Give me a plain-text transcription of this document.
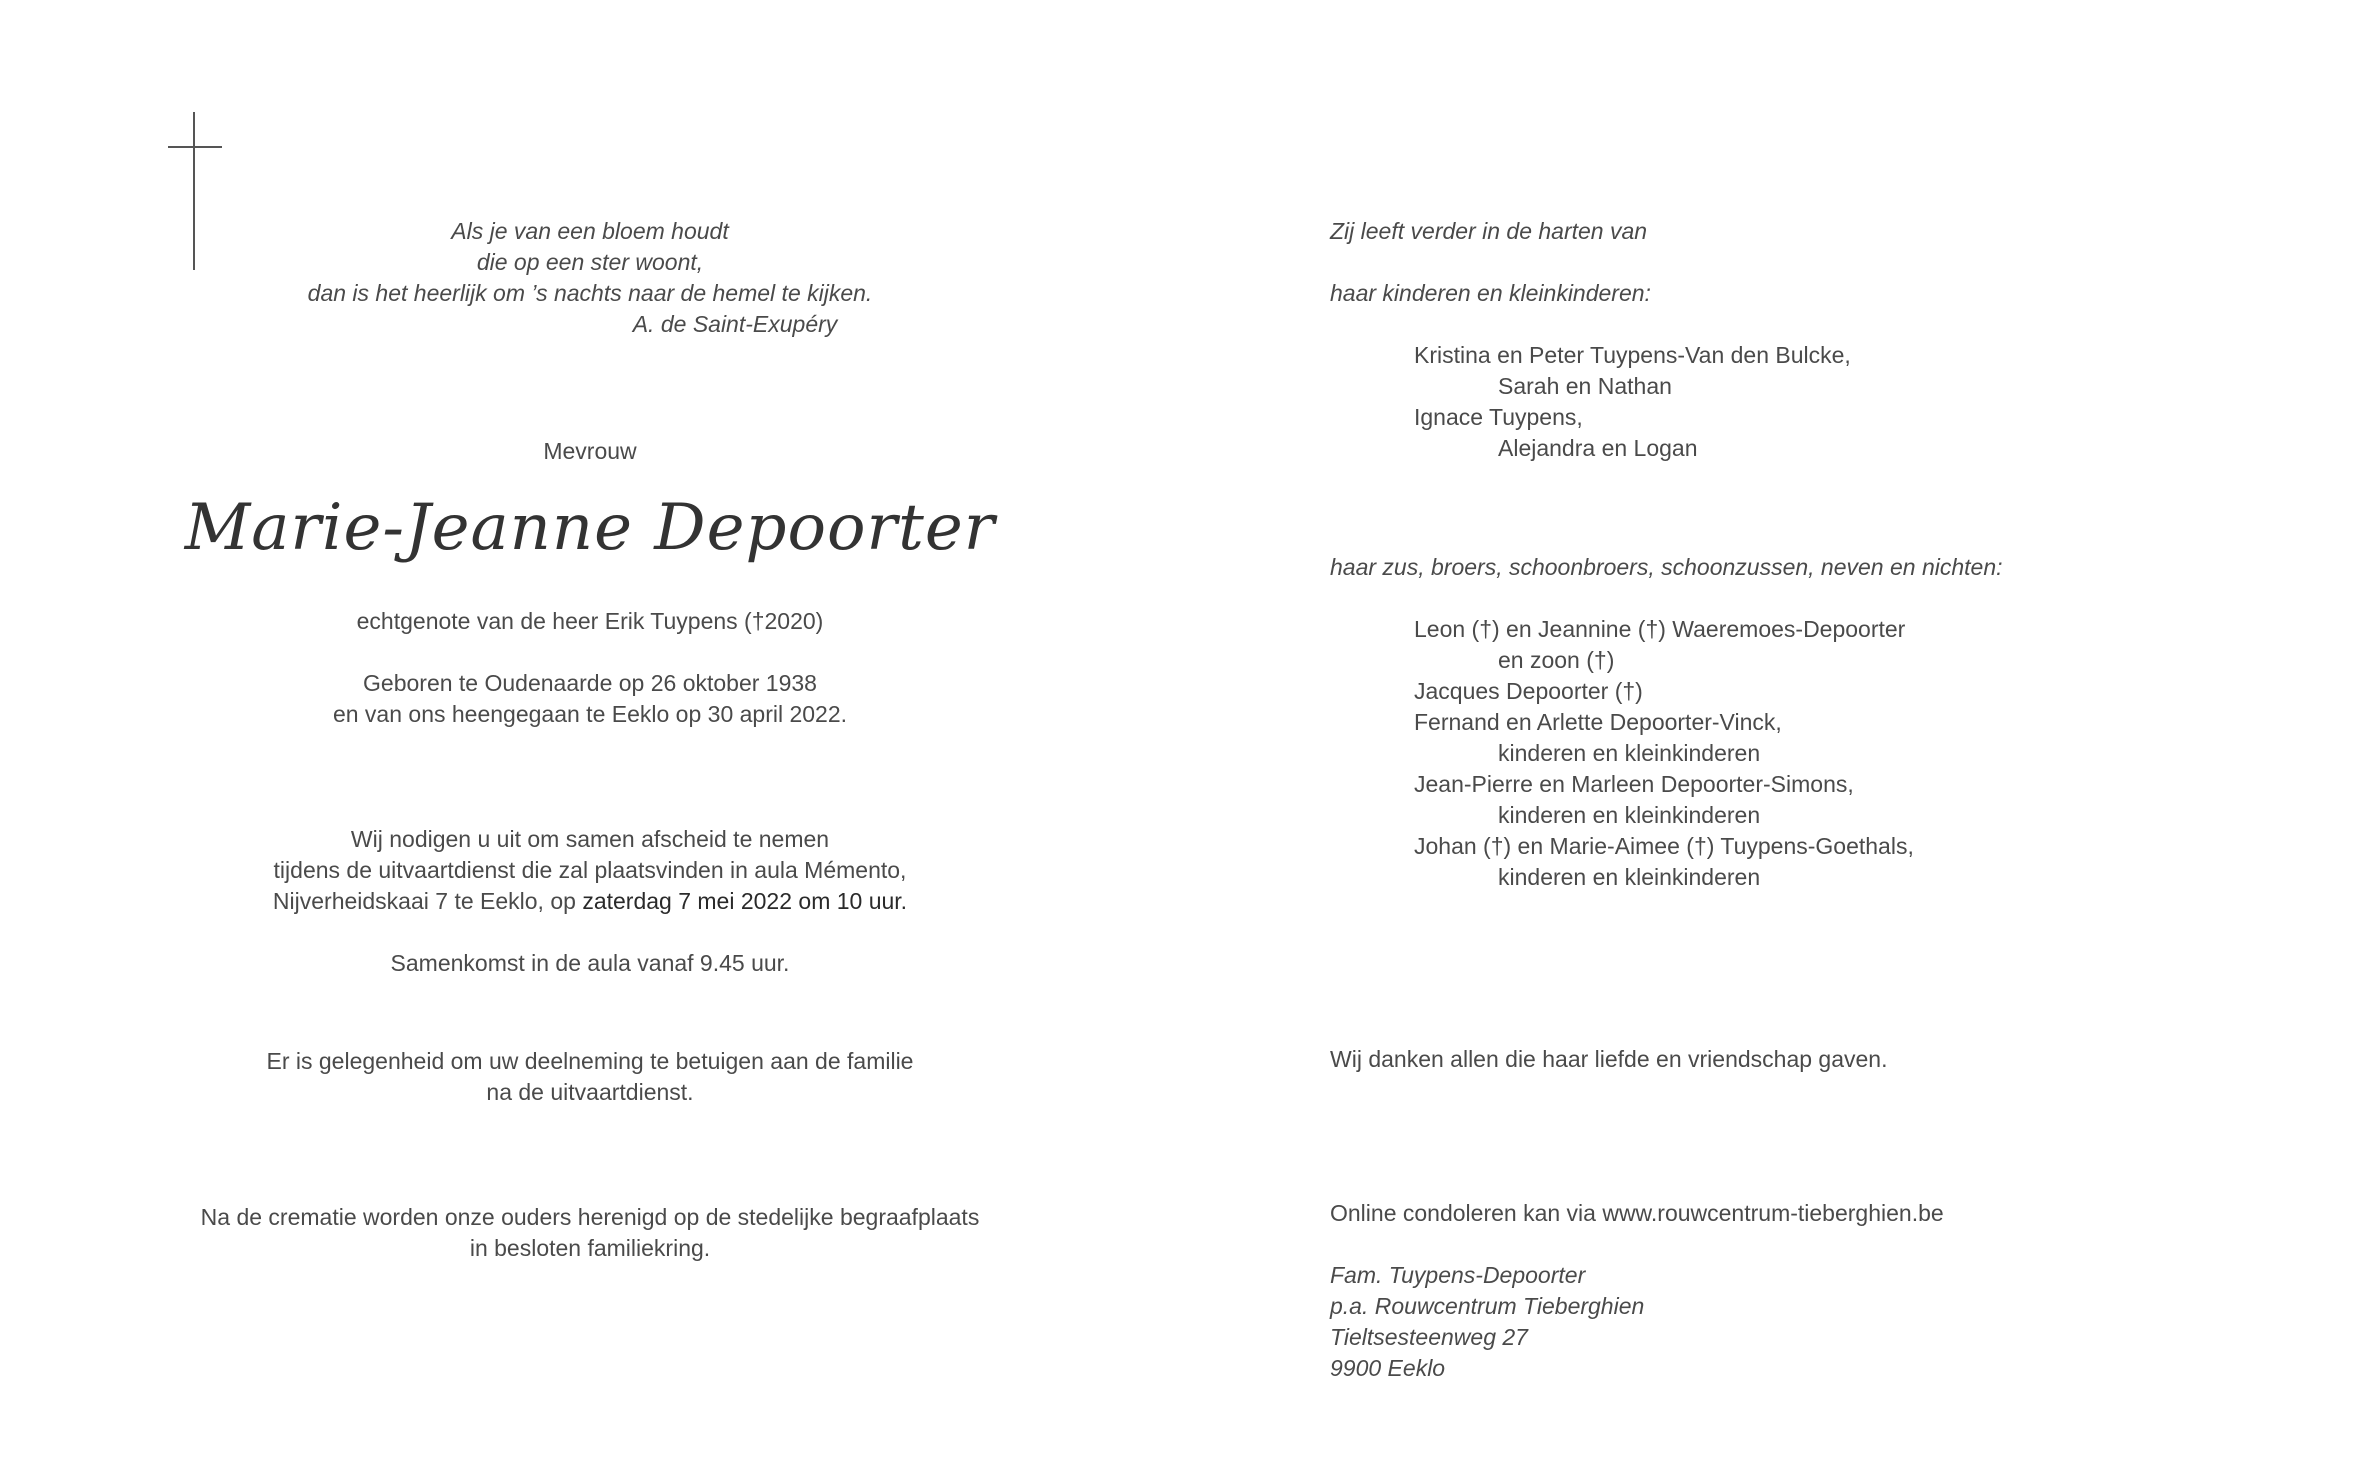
Als je van een bloem houdt
die op een ster woont,
dan is het heerlijk om ’s nachts naar de hemel te kijken.
A. de Saint-Exupéry
Mevrouw
Marie-Jeanne Depoorter
echtgenote van de heer Erik Tuypens (†2020)
Geboren te Oudenaarde op 26 oktober 1938
en van ons heengegaan te Eeklo op 30 april 2022.
Wij nodigen u uit om samen afscheid te nemen
tijdens de uitvaartdienst die zal plaatsvinden in aula Mémento,
Nijverheidskaai 7 te Eeklo, op zaterdag 7 mei 2022 om 10 uur.
Samenkomst in de aula vanaf 9.45 uur.
Er is gelegenheid om uw deelneming te betuigen aan de familie
na de uitvaartdienst.
Na de crematie worden onze ouders herenigd op de stedelijke begraafplaats
in besloten familiekring.
Zij leeft verder in de harten van
haar kinderen en kleinkinderen:
Kristina en Peter Tuypens-Van den Bulcke,
Sarah en Nathan
Ignace Tuypens,
Alejandra en Logan
haar zus, broers, schoonbroers, schoonzussen, neven en nichten:
Leon (†) en Jeannine (†) Waeremoes-Depoorter
en zoon (†)
Jacques Depoorter (†)
Fernand en Arlette Depoorter-Vinck,
kinderen en kleinkinderen
Jean-Pierre en Marleen Depoorter-Simons,
kinderen en kleinkinderen
Johan (†) en Marie-Aimee (†) Tuypens-Goethals,
kinderen en kleinkinderen
Wij danken allen die haar liefde en vriendschap gaven.
Online condoleren kan via www.rouwcentrum-tieberghien.be
Fam. Tuypens-Depoorter
p.a. Rouwcentrum Tieberghien
Tieltsesteenweg 27
9900 Eeklo
